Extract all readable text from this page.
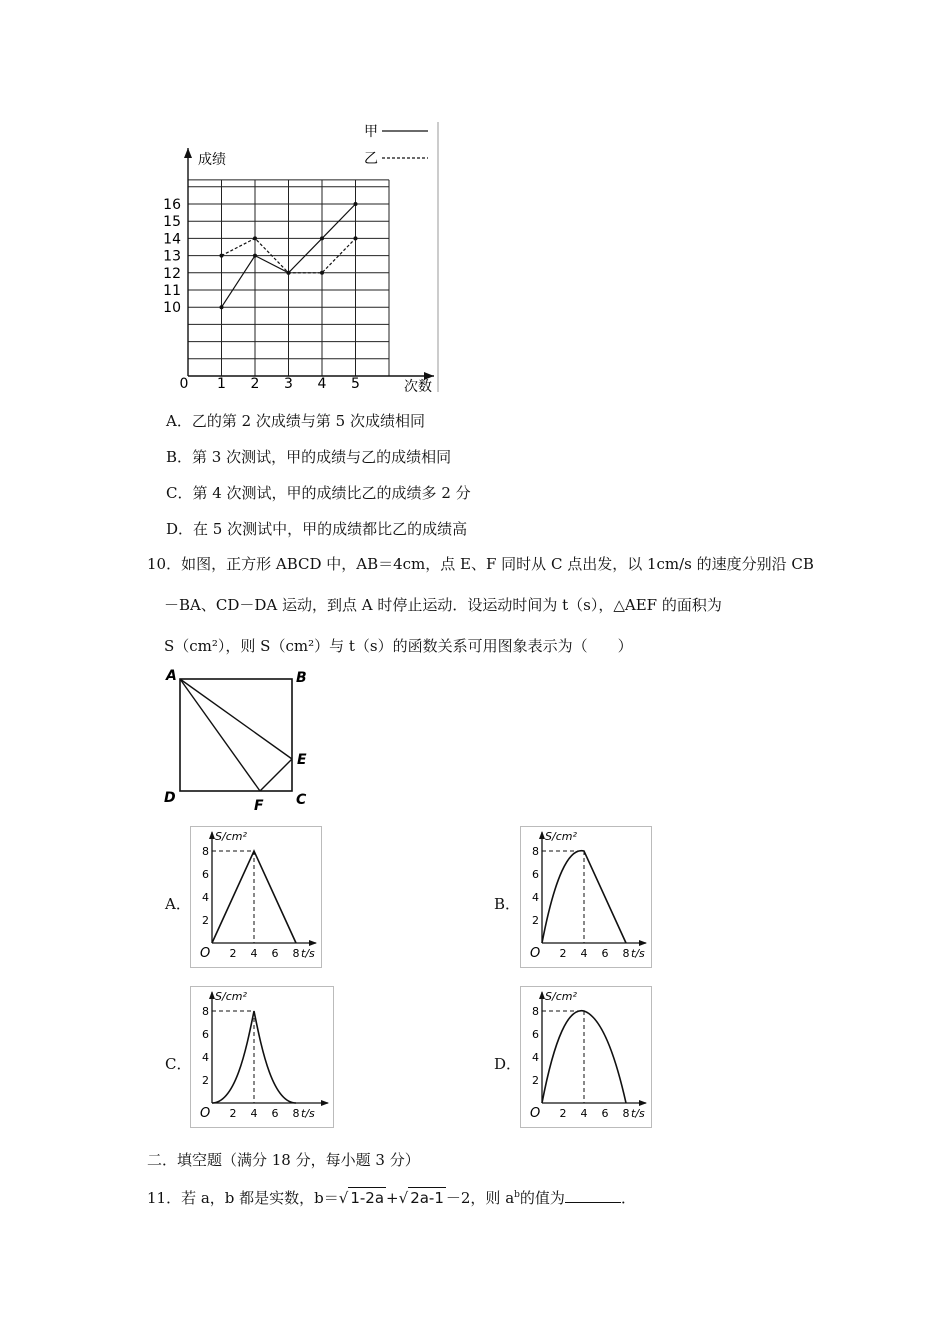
甲
乙
成绩
次数
10
11
12
13
14
15
16
0 1 2 3 4 5
A．乙的第 2 次成绩与第 5 次成绩相同
B．第 3 次测试，甲的成绩与乙的成绩相同
C．第 4 次测试，甲的成绩比乙的成绩多 2 分
D．在 5 次测试中，甲的成绩都比乙的成绩高
10．如图，正方形 ABCD 中，AB＝4cm，点 E、F 同时从 C 点出发，以 1cm/s 的速度分别沿 CB
－BA、CD－DA 运动，到点 A 时停止运动．设运动时间为 t（s），△AEF 的面积为
S（cm²），则 S（cm²）与 t（s）的函数关系可用图象表示为（　　）
A	B
C
D
E
F
A．	B．
C．	D．
S/cm²
O	t/s
2
4
6
8
2 4 6 8
S/cm²
O	t/s
2
4
6
8
2 4 6 8
S/cm²
O	t/s
2
4
6
8
2 4 6 8
S/cm²
O	t/s
2
4
6
8
2 4 6 8
二．填空题（满分 18 分，每小题 3 分）
11．若 a，b 都是实数，b＝√ 1-2a +√ 2a-1 －2，则 $a^b$的值为	．
